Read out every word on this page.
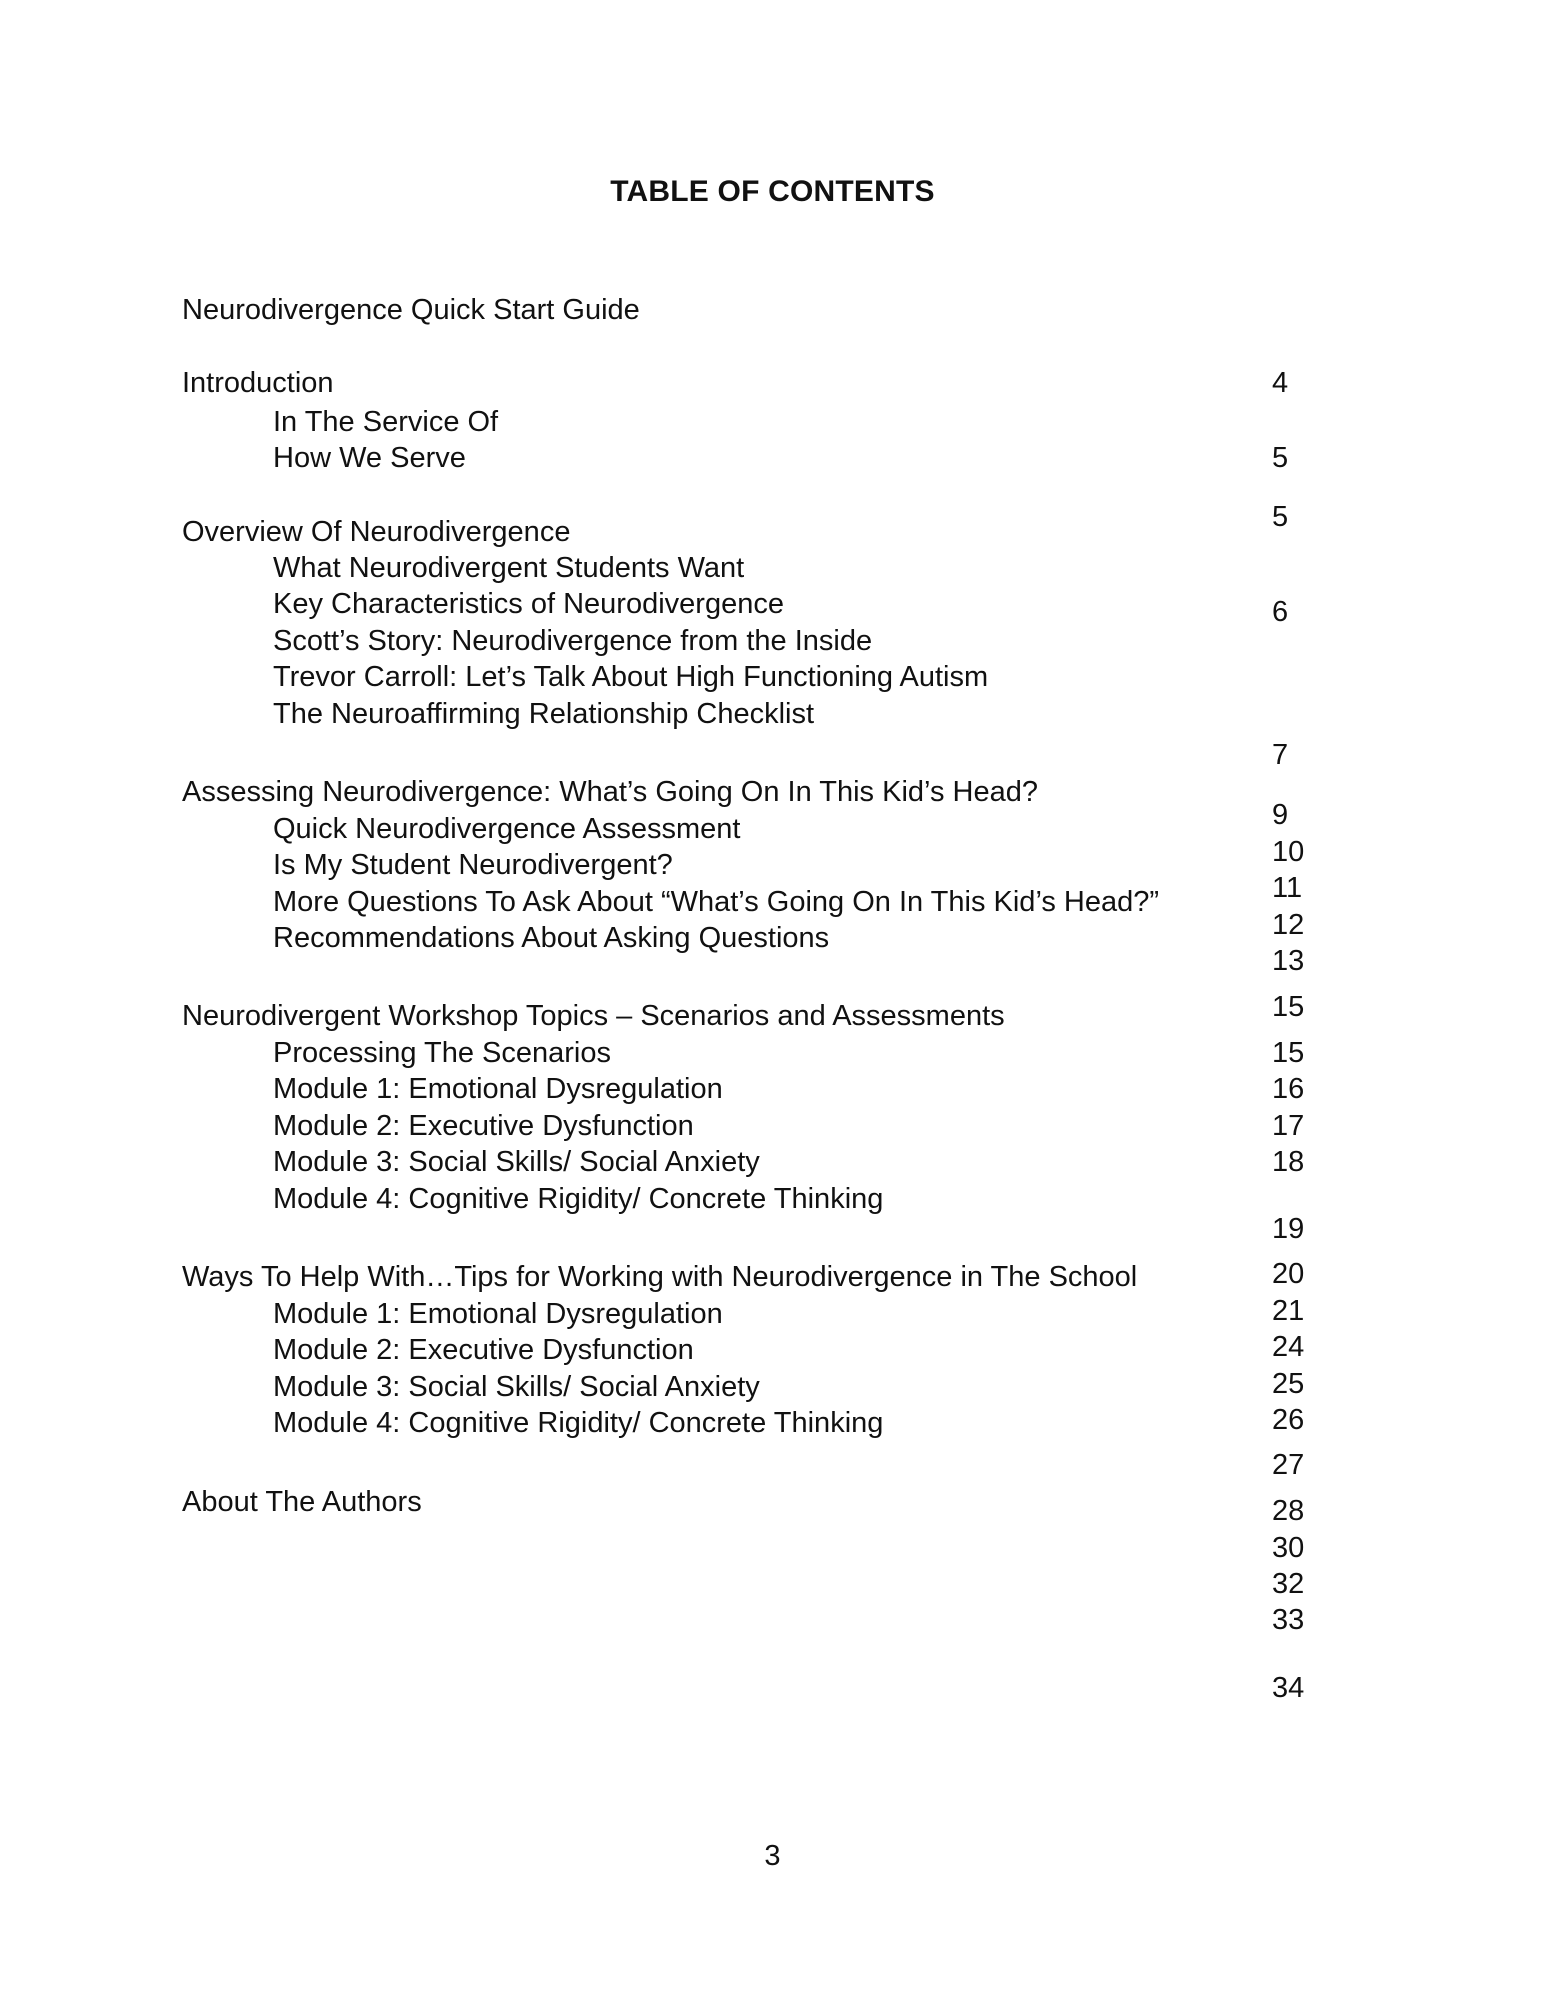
TABLE OF CONTENTS
Neurodivergence Quick Start Guide
Introduction
In The Service Of
How We Serve
Overview Of Neurodivergence
What Neurodivergent Students Want
Key Characteristics of Neurodivergence
Scott’s Story: Neurodivergence from the Inside
Trevor Carroll: Let’s Talk About High Functioning Autism
The Neuroaffirming Relationship Checklist
Assessing Neurodivergence: What’s Going On In This Kid’s Head?
Quick Neurodivergence Assessment
Is My Student Neurodivergent?
More Questions To Ask About “What’s Going On In This Kid’s Head?”
Recommendations About Asking Questions
Neurodivergent Workshop Topics – Scenarios and Assessments
Processing The Scenarios
Module 1: Emotional Dysregulation
Module 2: Executive Dysfunction
Module 3: Social Skills/ Social Anxiety
Module 4: Cognitive Rigidity/ Concrete Thinking
Ways To Help With…Tips for Working with Neurodivergence in The School
Module 1: Emotional Dysregulation
Module 2: Executive Dysfunction
Module 3: Social Skills/ Social Anxiety
Module 4: Cognitive Rigidity/ Concrete Thinking
About The Authors
4
5
5
6
7
9
10
11
12
13
15
15
16
17
18
19
20
21
24
25
26
27
28
30
32
33
34
3
